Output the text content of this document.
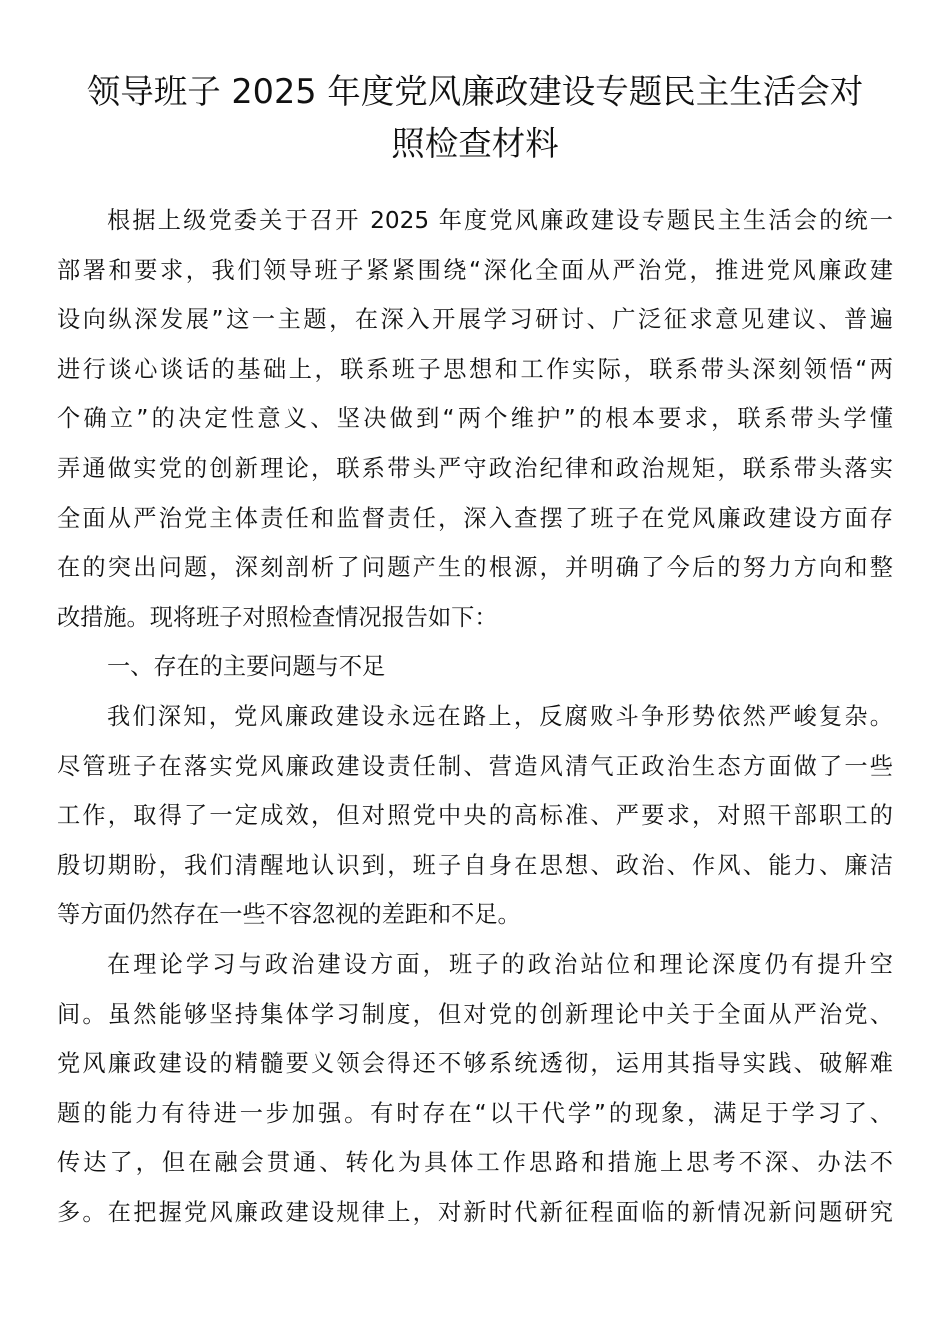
领导班子 2025 年度党风廉政建设专题民主生活会对
照检查材料
根据上级党委关于召开 2025 年度党风廉政建设专题民主生活会的统一
部署和要求，我们领导班子紧紧围绕“深化全面从严治党，推进党风廉政建
设向纵深发展”这一主题，在深入开展学习研讨、广泛征求意见建议、普遍
进行谈心谈话的基础上，联系班子思想和工作实际，联系带头深刻领悟“两
个确立”的决定性意义、坚决做到“两个维护”的根本要求，联系带头学懂
弄通做实党的创新理论，联系带头严守政治纪律和政治规矩，联系带头落实
全面从严治党主体责任和监督责任，深入查摆了班子在党风廉政建设方面存
在的突出问题，深刻剖析了问题产生的根源，并明确了今后的努力方向和整
改措施。现将班子对照检查情况报告如下：
一、存在的主要问题与不足
我们深知，党风廉政建设永远在路上，反腐败斗争形势依然严峻复杂。
尽管班子在落实党风廉政建设责任制、营造风清气正政治生态方面做了一些
工作，取得了一定成效，但对照党中央的高标准、严要求，对照干部职工的
殷切期盼，我们清醒地认识到，班子自身在思想、政治、作风、能力、廉洁
等方面仍然存在一些不容忽视的差距和不足。
在理论学习与政治建设方面，班子的政治站位和理论深度仍有提升空
间。虽然能够坚持集体学习制度，但对党的创新理论中关于全面从严治党、
党风廉政建设的精髓要义领会得还不够系统透彻，运用其指导实践、破解难
题的能力有待进一步加强。有时存在“以干代学”的现象，满足于学习了、
传达了，但在融会贯通、转化为具体工作思路和措施上思考不深、办法不
多。在把握党风廉政建设规律上，对新时代新征程面临的新情况新问题研究
